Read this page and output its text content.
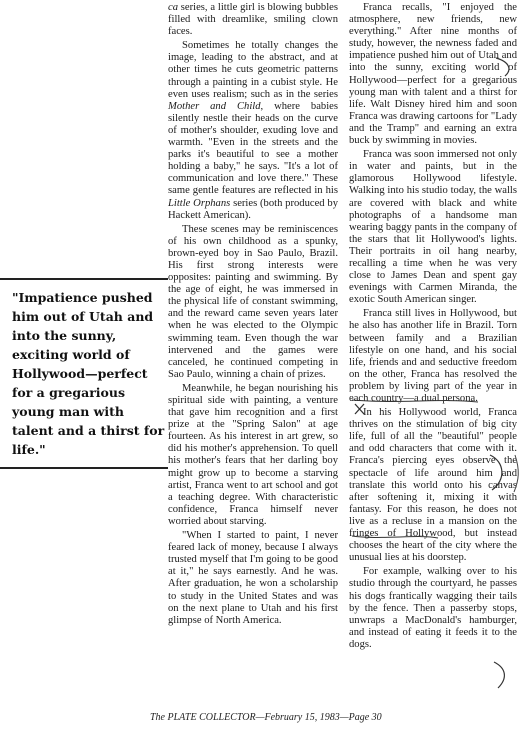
"Impatience pushed him out of Utah and into the sunny, exciting world of Hollywood—perfect for a gregarious young man with talent and a thirst for life."

ca series, a little girl is blowing bubbles filled with dreamlike, smiling clown faces.

Sometimes he totally changes the image, leading to the abstract, and at other times he cuts geometric patterns through a painting in a cubist style. He even uses realism; such as in the series Mother and Child, where babies silently nestle their heads on the curve of mother's shoulder, exuding love and warmth. "Even in the streets and the parks it's beautiful to see a mother holding a baby," he says. "It's a lot of communication and love there." These same gentle features are reflected in his Little Orphans series (both produced by Hackett American).

These scenes may be reminiscences of his own childhood as a spunky, brown-eyed boy in Sao Paulo, Brazil. His first strong interests were opposites: painting and swimming. By the age of eight, he was immersed in the physical life of constant swimming, and the reward came seven years later when he was elected to the Olympic swimming team. Even though the war intervened and the games were canceled, he continued competing in Sao Paulo, winning a chain of prizes.

Meanwhile, he began nourishing his spiritual side with painting, a venture that gave him recognition and a first prize at the "Spring Salon" at age fourteen. As his interest in art grew, so did his mother's apprehension. To quell his mother's fears that her darling boy might grow up to become a starving artist, Franca went to art school and got a teaching degree. With characteristic confidence, Franca himself never worried about starving.

"When I started to paint, I never feared lack of money, because I always trusted myself that I'm going to be good at it," he says earnestly. And he was. After graduation, he won a scholarship to study in the United States and was on the next plane to Utah and his first glimpse of North America.

Franca recalls, "I enjoyed the atmosphere, new friends, new everything." After nine months of study, however, the newness faded and impatience pushed him out of Utah and into the sunny, exciting world of Hollywood—perfect for a gregarious young man with talent and a thirst for life. Walt Disney hired him and soon Franca was drawing cartoons for "Lady and the Tramp" and earning an extra buck by swimming in movies.

Franca was soon immersed not only in water and paints, but in the glamorous Hollywood lifestyle. Walking into his studio today, the walls are covered with black and white photographs of a handsome man wearing baggy pants in the company of the stars that lit Hollywood's lights. Their portraits in oil hang nearby, recalling a time when he was very close to James Dean and spent gay evenings with Carmen Miranda, the exotic South American singer.

Franca still lives in Hollywood, but he also has another life in Brazil. Torn between family and a Brazilian lifestyle on one hand, and his social life, friends and and seductive freedom on the other, Franca has resolved the problem by living part of the year in each country—a dual persona.

In his Hollywood world, Franca thrives on the stimulation of big city life, full of all the "beautiful" people and odd characters that come with it. Franca's piercing eyes observe the spectacle of life around him and translate this world onto his canvas after softening it, mixing it with fantasy. For this reason, he does not live as a recluse in a mansion on the fringes of Hollywood, but instead chooses the heart of the city where the unusual lies at his doorstep.

For example, walking over to his studio through the courtyard, he passes his dogs frantically wagging their tails by the fence. Then a passerby stops, unwraps a MacDonald's hamburger, and instead of eating it feeds it to the dogs.

The PLATE COLLECTOR—February 15, 1983—Page 30
